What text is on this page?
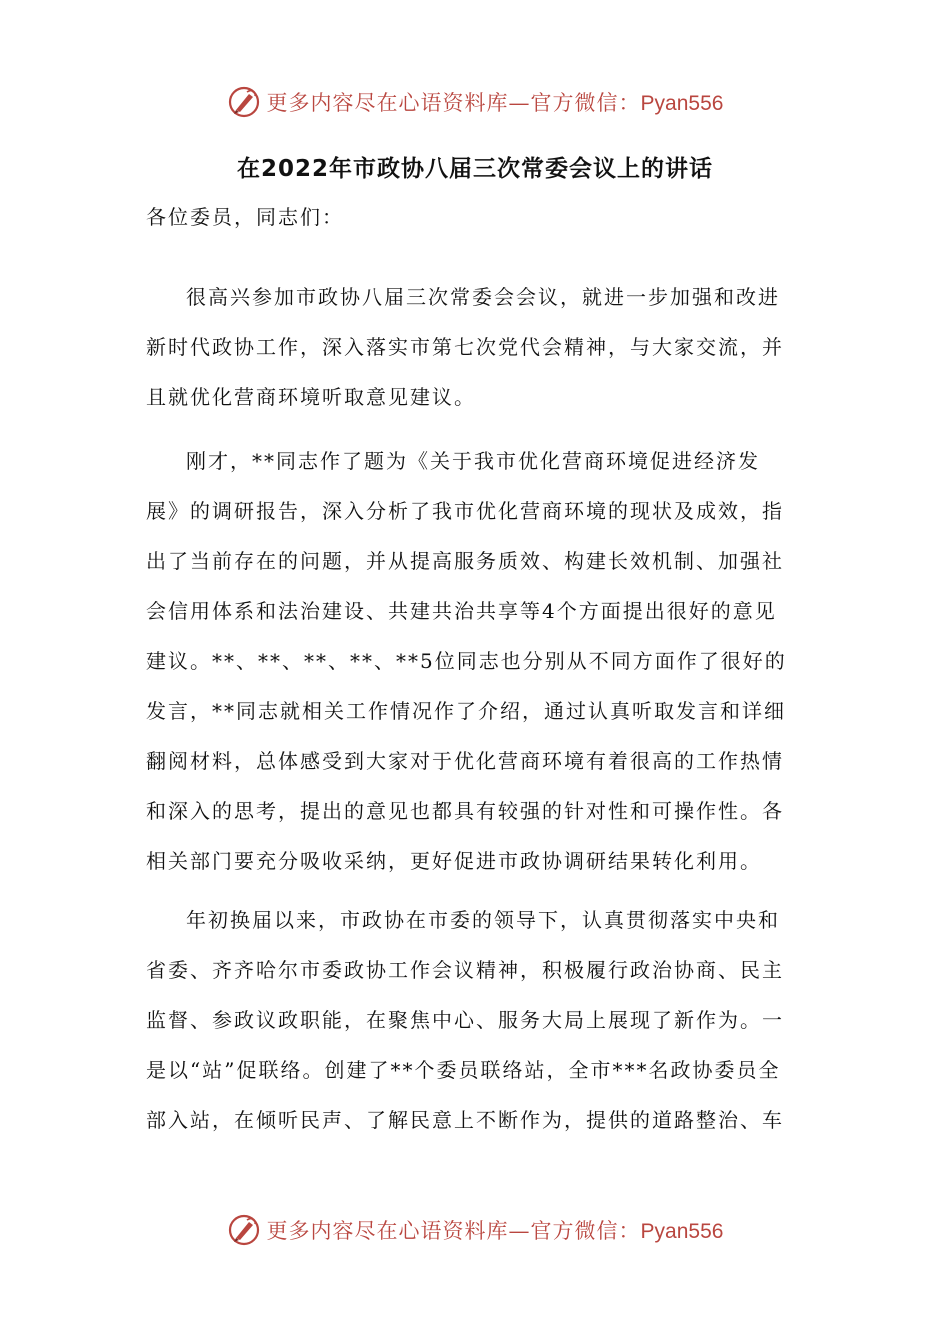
更多内容尽在心语资料库—官方微信：Pyan556
在2022年市政协八届三次常委会议上的讲话

各位委员，同志们：

很高兴参加市政协八届三次常委会会议，就进一步加强和改进
新时代政协工作，深入落实市第七次党代会精神，与大家交流，并
且就优化营商环境听取意见建议。

刚才，**同志作了题为《关于我市优化营商环境促进经济发
展》的调研报告，深入分析了我市优化营商环境的现状及成效，指
出了当前存在的问题，并从提高服务质效、构建长效机制、加强社
会信用体系和法治建设、共建共治共享等4个方面提出很好的意见
建议。**、**、**、**、**5位同志也分别从不同方面作了很好的
发言，**同志就相关工作情况作了介绍，通过认真听取发言和详细
翻阅材料，总体感受到大家对于优化营商环境有着很高的工作热情
和深入的思考，提出的意见也都具有较强的针对性和可操作性。各
相关部门要充分吸收采纳，更好促进市政协调研结果转化利用。

年初换届以来，市政协在市委的领导下，认真贯彻落实中央和
省委、齐齐哈尔市委政协工作会议精神，积极履行政治协商、民主
监督、参政议政职能，在聚焦中心、服务大局上展现了新作为。一
是以“站”促联络。创建了**个委员联络站，全市***名政协委员全
部入站，在倾听民声、了解民意上不断作为，提供的道路整治、车

更多内容尽在心语资料库—官方微信：Pyan556
